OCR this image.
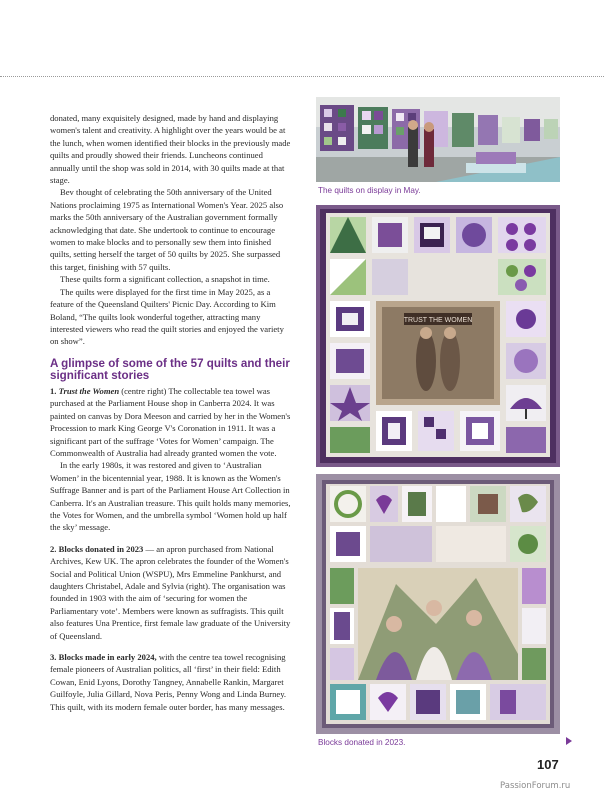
donated, many exquisitely designed, made by hand and displaying women's talent and creativity. A highlight over the years would be at the lunch, when women identified their blocks in the previously made quilts and proudly showed their friends. Luncheons continued annually until the shop was sold in 2014, with 30 quilts made at that stage.

Bev thought of celebrating the 50th anniversary of the United Nations proclaiming 1975 as International Women's Year. 2025 also marks the 50th anniversary of the Australian government formally acknowledging that date. She undertook to continue to encourage women to make blocks and to personally sew them into finished quilts, setting herself the target of 50 quilts by 2025. She surpassed this target, finishing with 57 quilts.

These quilts form a significant collection, a snapshot in time.

The quilts were displayed for the first time in May 2025, as a feature of the Queensland Quilters' Picnic Day. According to Kim Boland, “The quilts look wonderful together, attracting many interested viewers who read the quilt stories and enjoyed the variety on show”.

A glimpse of some of the 57 quilts and their significant stories

1. Trust the Women (centre right) The collectable tea towel was purchased at the Parliament House shop in Canberra 2024. It was painted on canvas by Dora Meeson and carried by her in the Women's Procession to mark King George V's Coronation in 1911. It was a significant part of the suffrage ‘Votes for Women’ campaign. The Commonwealth of Australia had already granted women the vote.

In the early 1980s, it was restored and given to ‘Australian Women’ in the bicentennial year, 1988. It is known as the Women's Suffrage Banner and is part of the Parliament House Art Collection in Canberra. It's an Australian treasure. This quilt holds many memories, the Votes for Women, and the umbrella symbol ‘Women hold up half the sky’ message.

2. Blocks donated in 2023 — an apron purchased from National Archives, Kew UK. The apron celebrates the founder of the Women's Social and Political Union (WSPU), Mrs Emmeline Pankhurst, and daughters Christabel, Adale and Sylvia (right). The organisation was founded in 1903 with the aim of ‘securing for women the Parliamentary vote’. Members were known as suffragists. This quilt also features Una Prentice, first female law graduate of the University of Queensland.

3. Blocks made in early 2024, with the centre tea towel recognising female pioneers of Australian politics, all ‘first’ in their field: Edith Cowan, Enid Lyons, Dorothy Tangney, Annabelle Rankin, Margaret Guilfoyle, Julia Gillard, Nova Peris, Penny Wong and Linda Burney. This quilt, with its modern female outer border, has many messages.

The quilts on display in May.
TRUST THE WOMEN
Blocks donated in 2023.
107
PassionForum.ru
